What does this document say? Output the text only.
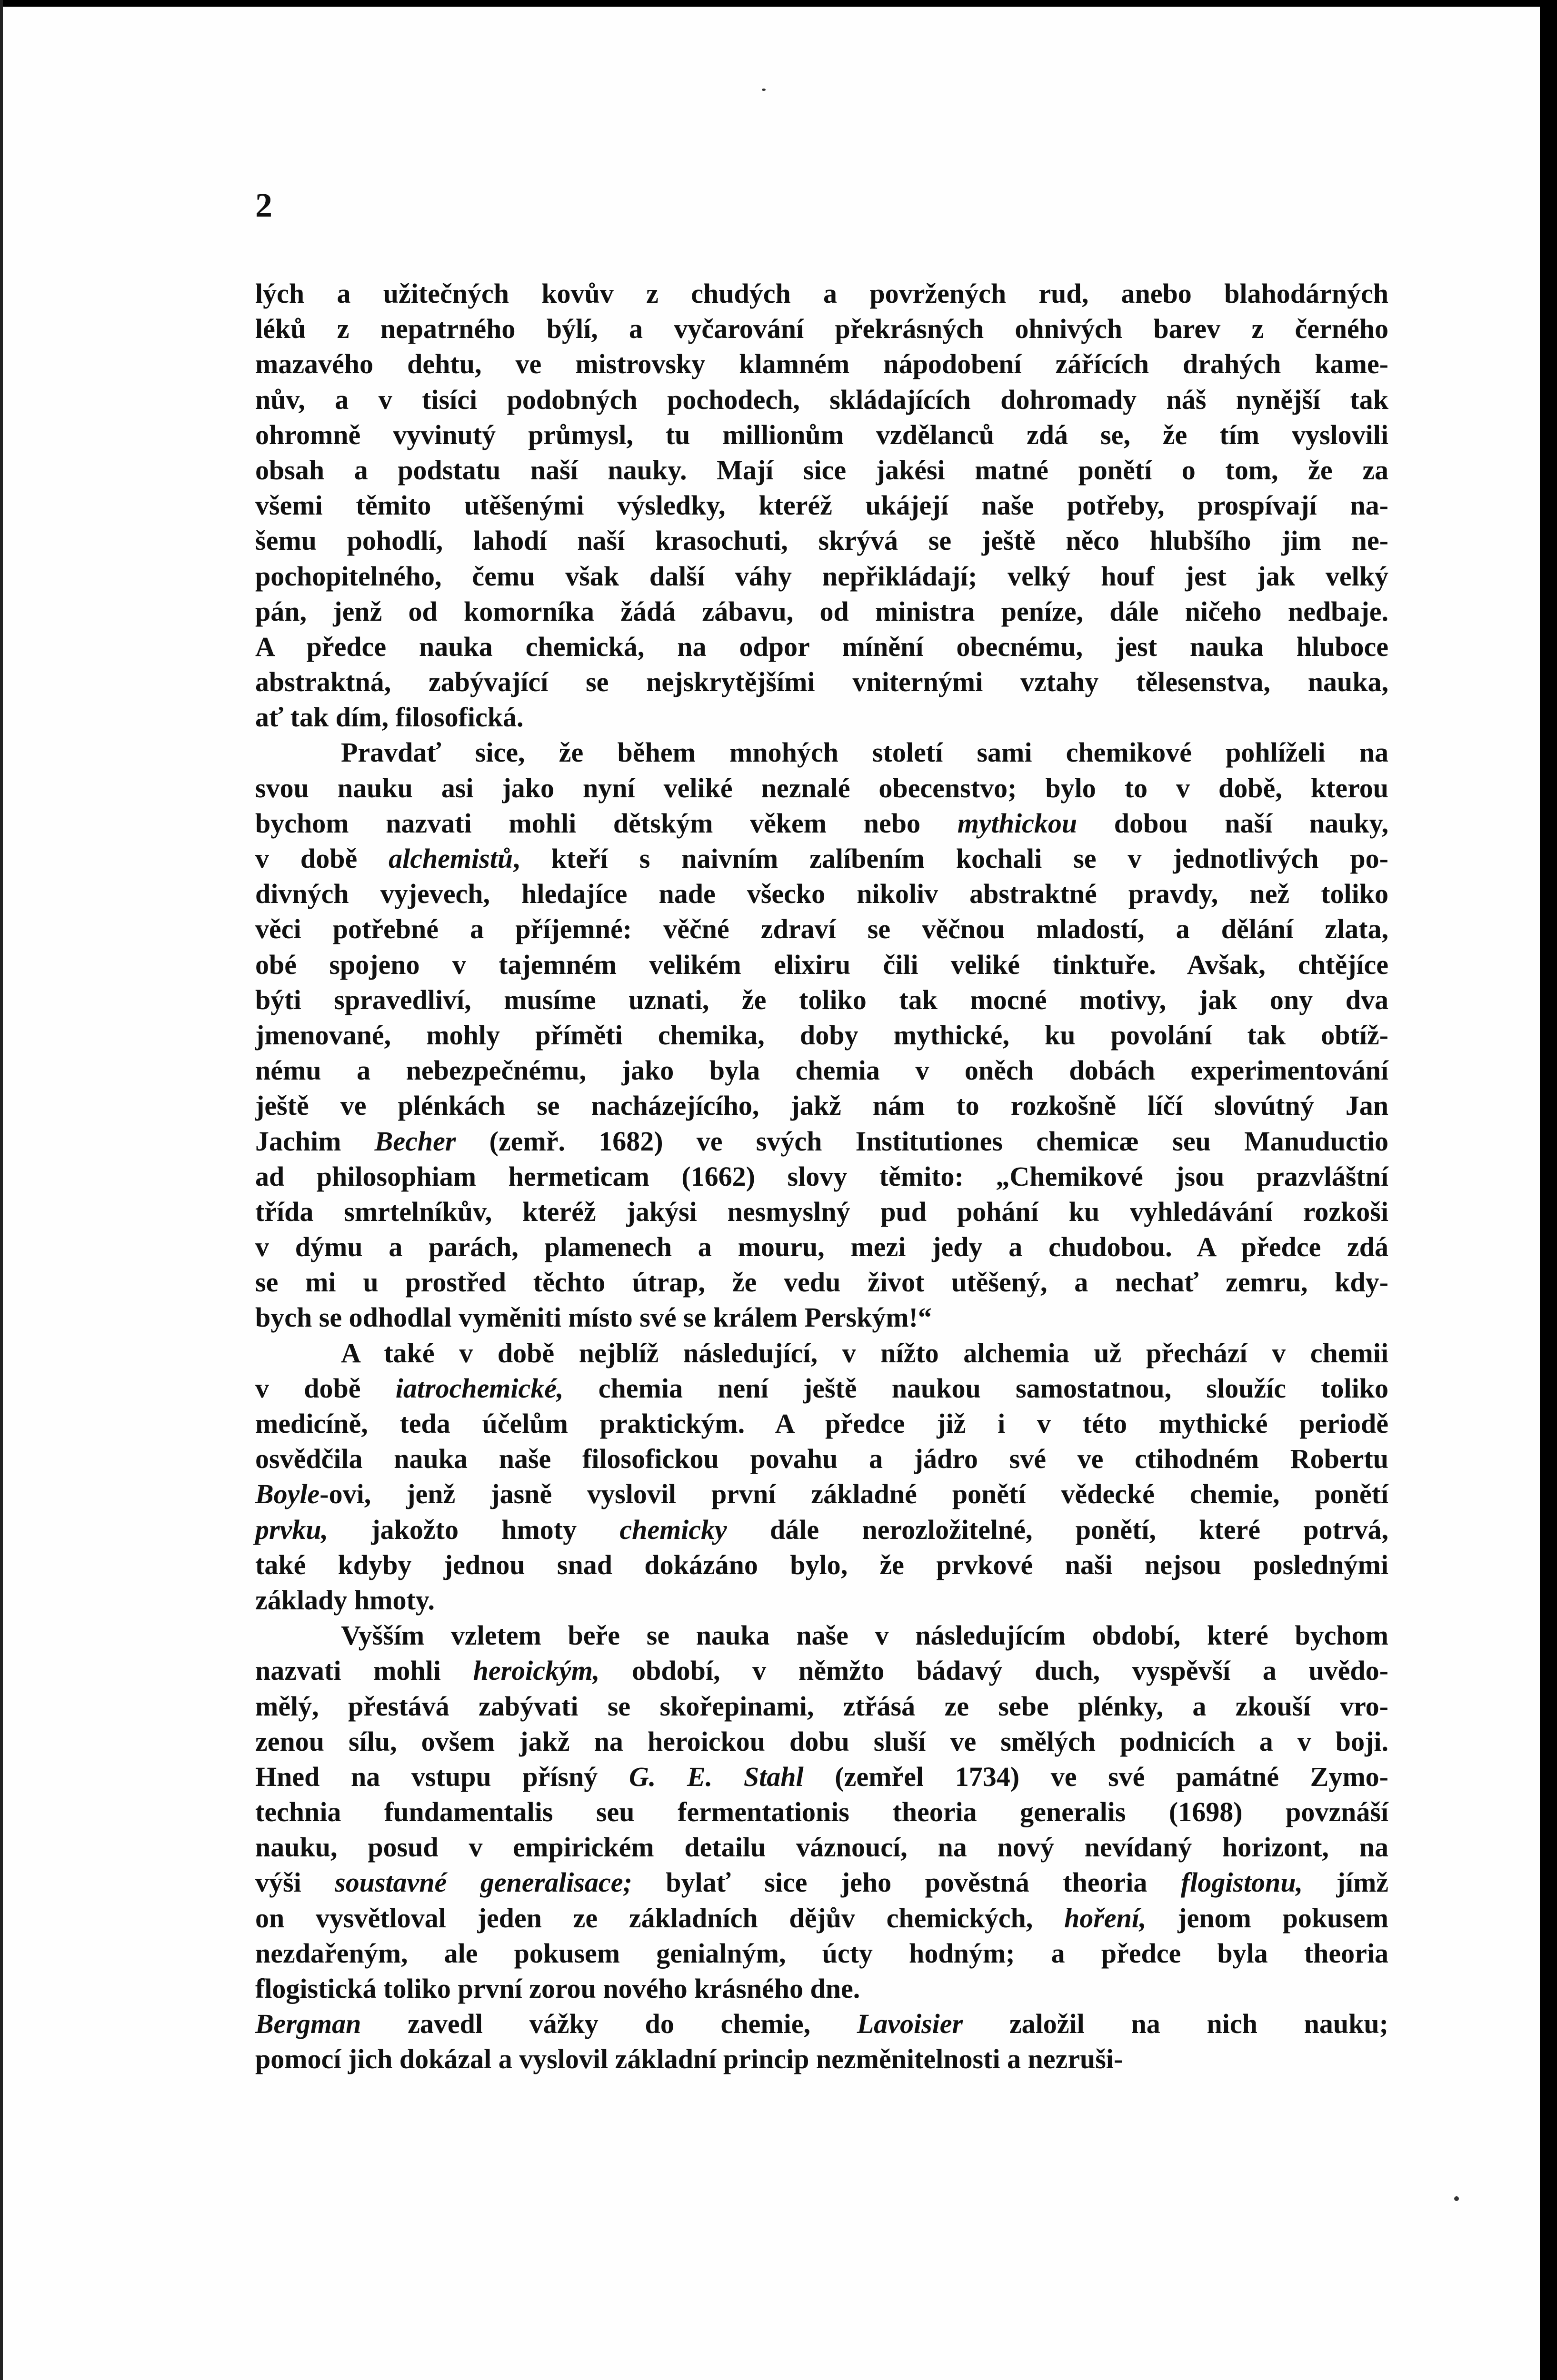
2
lých a užitečných kovův z chudých a povržených rud, anebo blahodárných
léků z nepatrného býlí, a vyčarování překrásných ohnivých barev z černého
mazavého dehtu, ve mistrovsky klamném nápodobení zářících drahých kame-
nův, a v tisíci podobných pochodech, skládajících dohromady náš nynější tak
ohromně vyvinutý průmysl, tu millionům vzdělanců zdá se, že tím vyslovili
obsah a podstatu naší nauky. Mají sice jakési matné ponětí o tom, že za
všemi těmito utěšenými výsledky, kteréž ukájejí naše potřeby, prospívají na-
šemu pohodlí, lahodí naší krasochuti, skrývá se ještě něco hlubšího jim ne-
pochopitelného, čemu však další váhy nepřikládají; velký houf jest jak velký
pán, jenž od komorníka žádá zábavu, od ministra peníze, dále ničeho nedbaje.
A předce nauka chemická, na odpor mínění obecnému, jest nauka hluboce
abstraktná, zabývající se nejskrytějšími vniternými vztahy tělesenstva, nauka,
ať tak dím, filosofická.
Pravdať sice, že během mnohých století sami chemikové pohlíželi na
svou nauku asi jako nyní veliké neznalé obecenstvo; bylo to v době, kterou
bychom nazvati mohli dětským věkem nebo mythickou dobou naší nauky,
v době alchemistů, kteří s naivním zalíbením kochali se v jednotlivých po-
divných vyjevech, hledajíce nade všecko nikoliv abstraktné pravdy, než toliko
věci potřebné a příjemné: věčné zdraví se věčnou mladostí, a dělání zlata,
obé spojeno v tajemném velikém elixiru čili veliké tinktuře. Avšak, chtějíce
býti spravedliví, musíme uznati, že toliko tak mocné motivy, jak ony dva
jmenované, mohly příměti chemika, doby mythické, ku povolání tak obtíž-
nému a nebezpečnému, jako byla chemia v oněch dobách experimentování
ještě ve plénkách se nacházejícího, jakž nám to rozkošně líčí slovútný Jan
Jachim Becher (zemř. 1682) ve svých Institutiones chemicæ seu Manuductio
ad philosophiam hermeticam (1662) slovy těmito: „Chemikové jsou prazvláštní
třída smrtelníkův, kteréž jakýsi nesmyslný pud pohání ku vyhledávání rozkoši
v dýmu a parách, plamenech a mouru, mezi jedy a chudobou. A předce zdá
se mi u prostřed těchto útrap, že vedu život utěšený, a nechať zemru, kdy-
bych se odhodlal vyměniti místo své se králem Perským!“
A také v době nejblíž následující, v nížto alchemia už přechází v chemii
v době iatrochemické, chemia není ještě naukou samostatnou, sloužíc toliko
medicíně, teda účelům praktickým. A předce již i v této mythické periodě
osvědčila nauka naše filosofickou povahu a jádro své ve ctihodném Robertu
Boyle-ovi, jenž jasně vyslovil první základné ponětí vědecké chemie, ponětí
prvku, jakožto hmoty chemicky dále nerozložitelné, ponětí, které potrvá,
také kdyby jednou snad dokázáno bylo, že prvkové naši nejsou poslednými
základy hmoty.
Vyšším vzletem beře se nauka naše v následujícím období, které bychom
nazvati mohli heroickým, období, v němžto bádavý duch, vyspěvší a uvědo-
mělý, přestává zabývati se skořepinami, ztřásá ze sebe plénky, a zkouší vro-
zenou sílu, ovšem jakž na heroickou dobu sluší ve smělých podnicích a v boji.
Hned na vstupu přísný G. E. Stahl (zemřel 1734) ve své památné Zymo-
technia fundamentalis seu fermentationis theoria generalis (1698) povznáší
nauku, posud v empirickém detailu váznoucí, na nový nevídaný horizont, na
výši soustavné generalisace; bylať sice jeho pověstná theoria flogistonu, jímž
on vysvětloval jeden ze základních dějův chemických, hoření, jenom pokusem
nezdařeným, ale pokusem genialným, úcty hodným; a předce byla theoria
flogistická toliko první zorou nového krásného dne.
Bergman zavedl vážky do chemie, Lavoisier založil na nich nauku;
pomocí jich dokázal a vyslovil základní princip nezměnitelnosti a nezruši-
